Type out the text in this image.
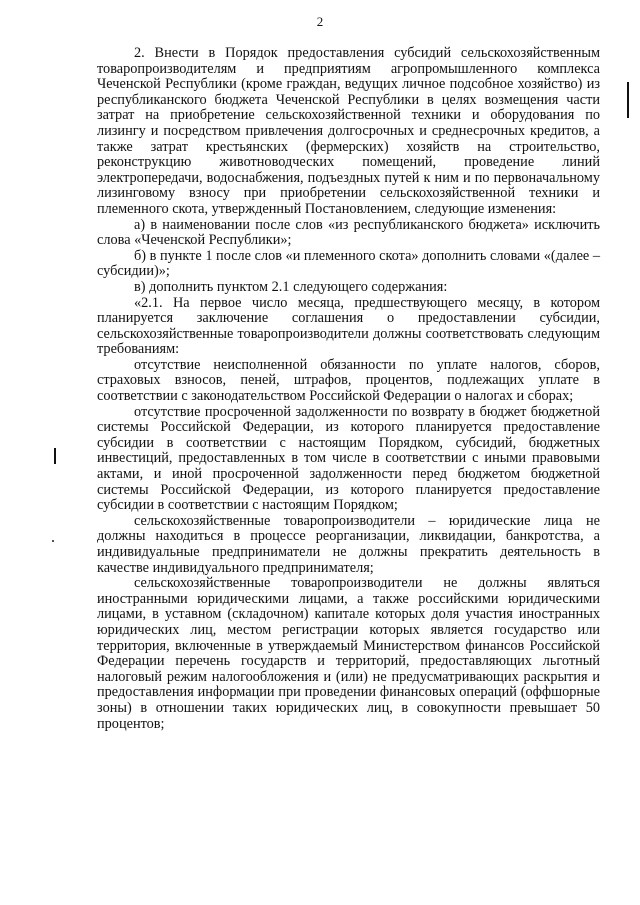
2

2. Внести в Порядок предоставления субсидий сельскохозяйственным товаропроизводителям и предприятиям агропромышленного комплекса Чеченской Республики (кроме граждан, ведущих личное подсобное хозяйство) из республиканского бюджета Чеченской Республики в целях возмещения части затрат на приобретение сельскохозяйственной техники и оборудования по лизингу и посредством привлечения долгосрочных и среднесрочных кредитов, а также затрат крестьянских (фермерских) хозяйств на строительство, реконструкцию животноводческих помещений, проведение линий электропередачи, водоснабжения, подъездных путей к ним и по первоначальному лизинговому взносу при приобретении сельскохозяйственной техники и племенного скота, утвержденный Постановлением, следующие изменения:

а) в наименовании после слов «из республиканского бюджета» исключить слова «Чеченской Республики»;

б) в пункте 1 после слов «и племенного скота» дополнить словами «(далее – субсидии)»;

в) дополнить пунктом 2.1 следующего содержания:

«2.1. На первое число месяца, предшествующего месяцу, в котором планируется заключение соглашения о предоставлении субсидии, сельскохозяйственные товаропроизводители должны соответствовать следующим требованиям:

отсутствие неисполненной обязанности по уплате налогов, сборов, страховых взносов, пеней, штрафов, процентов, подлежащих уплате в соответствии с законодательством Российской Федерации о налогах и сборах;

отсутствие просроченной задолженности по возврату в бюджет бюджетной системы Российской Федерации, из которого планируется предоставление субсидии в соответствии с настоящим Порядком, субсидий, бюджетных инвестиций, предоставленных в том числе в соответствии с иными правовыми актами, и иной просроченной задолженности перед бюджетом бюджетной системы Российской Федерации, из которого планируется предоставление субсидии в соответствии с настоящим Порядком;

сельскохозяйственные товаропроизводители – юридические лица не должны находиться в процессе реорганизации, ликвидации, банкротства, а индивидуальные предприниматели не должны прекратить деятельность в качестве индивидуального предпринимателя;

сельскохозяйственные товаропроизводители не должны являться иностранными юридическими лицами, а также российскими юридическими лицами, в уставном (складочном) капитале которых доля участия иностранных юридических лиц, местом регистрации которых является государство или территория, включенные в утверждаемый Министерством финансов Российской Федерации перечень государств и территорий, предоставляющих льготный налоговый режим налогообложения и (или) не предусматривающих раскрытия и предоставления информации при проведении финансовых операций (оффшорные зоны) в отношении таких юридических лиц, в совокупности превышает 50 процентов;
